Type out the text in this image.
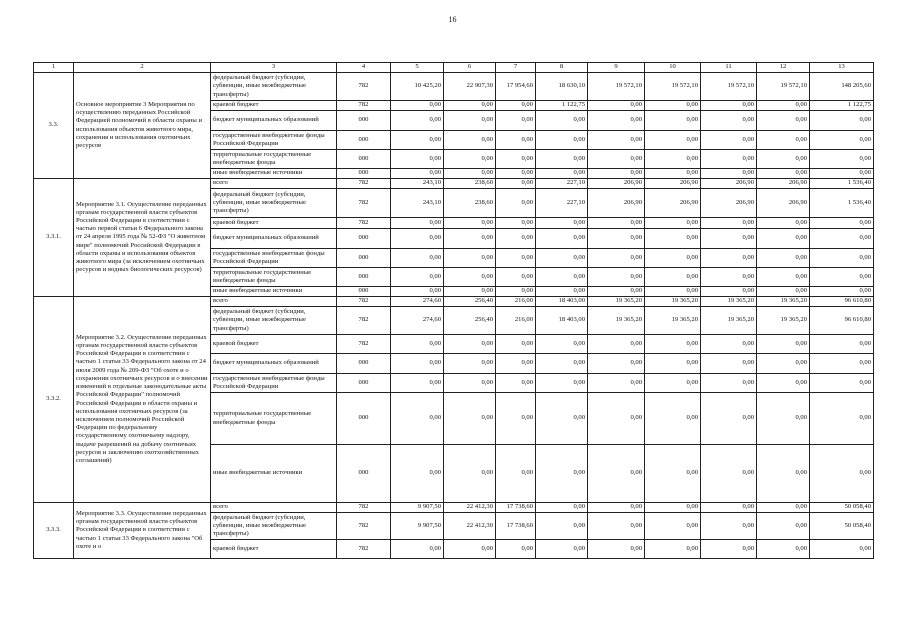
16
1	2	3	4	5	6	7	8	9	10	11	12	13
3.3.	Основное мероприятие 3 Мероприятия по осуществлению переданных Российской Федерацией полномочий в области охраны и использования объектов животного мира, сохранения и использования охотничьих ресурсов	федеральный бюджет (субсидии, субвенции, иные межбюджетные трансферты)	782	10 425,20	22 907,30	17 954,60	18 630,10	19 572,10	19 572,10	19 572,10	19 572,10	148 205,60
		краевой бюджет	782	0,00	0,00	0,00	1 122,75	0,00	0,00	0,00	0,00	1 122,75
		бюджет муниципальных образований	000	0,00	0,00	0,00	0,00	0,00	0,00	0,00	0,00	0,00
		государственные внебюджетные фонды Российской Федерации	000	0,00	0,00	0,00	0,00	0,00	0,00	0,00	0,00	0,00
		территориальные государственные внебюджетные фонды	000	0,00	0,00	0,00	0,00	0,00	0,00	0,00	0,00	0,00
		иные внебюджетные источники	000	0,00	0,00	0,00	0,00	0,00	0,00	0,00	0,00	0,00
3.3.1.	Мероприятие 3.1. Осуществление переданных органам государственной власти субъектов Российской Федерации в соответствии с частью первой статьи 6 Федерального закона от 24 апреля 1995 года № 52-ФЗ "О животном мире" полномочий Российской Федерации в области охраны и использования объектов животного мира (за исключением охотничьих ресурсов и водных биологических ресурсов)	всего	782	243,10	238,60	0,00	227,10	206,90	206,90	206,90	206,90	1 536,40
		федеральный бюджет (субсидии, субвенции, иные межбюджетные трансферты)	782	243,10	238,60	0,00	227,10	206,90	206,90	206,90	206,90	1 536,40
		краевой бюджет	782	0,00	0,00	0,00	0,00	0,00	0,00	0,00	0,00	0,00
		бюджет муниципальных образований	000	0,00	0,00	0,00	0,00	0,00	0,00	0,00	0,00	0,00
		государственные внебюджетные фонды Российской Федерации	000	0,00	0,00	0,00	0,00	0,00	0,00	0,00	0,00	0,00
		территориальные государственные внебюджетные фонды	000	0,00	0,00	0,00	0,00	0,00	0,00	0,00	0,00	0,00
		иные внебюджетные источники	000	0,00	0,00	0,00	0,00	0,00	0,00	0,00	0,00	0,00
3.3.2.	Мероприятие 3.2. Осуществление переданных органам государственной власти субъектов Российской Федерации в соответствии с частью 1 статьи 33 Федерального закона от 24 июля 2009 года № 209-ФЗ "Об охоте и о сохранении охотничьих ресурсов и о внесении изменений в отдельные законодательные акты Российской Федерации" полномочий Российской Федерации в области охраны и использования охотничьих ресурсов (за исключением полномочий Российской Федерации по федеральному государственному охотничьему надзору, выдаче разрешений на добычу охотничьих ресурсов и заключению охотхозяйственных соглашений)	всего	782	274,60	256,40	216,00	18 403,00	19 365,20	19 365,20	19 365,20	19 365,20	96 610,80
		федеральный бюджет (субсидии, субвенции, иные межбюджетные трансферты)	782	274,60	256,40	216,00	18 403,00	19 365,20	19 365,20	19 365,20	19 365,20	96 610,80
		краевой бюджет	782	0,00	0,00	0,00	0,00	0,00	0,00	0,00	0,00	0,00
		бюджет муниципальных образований	000	0,00	0,00	0,00	0,00	0,00	0,00	0,00	0,00	0,00
		государственные внебюджетные фонды Российской Федерации	000	0,00	0,00	0,00	0,00	0,00	0,00	0,00	0,00	0,00
		территориальные государственные внебюджетные фонды	000	0,00	0,00	0,00	0,00	0,00	0,00	0,00	0,00	0,00
		иные внебюджетные источники	000	0,00	0,00	0,00	0,00	0,00	0,00	0,00	0,00	0,00
3.3.3.	Мероприятие 3.3. Осуществление переданных органам государственной власти субъектов Российской Федерации в соответствии с частью 1 статьи 33 Федерального закона "Об охоте и о	всего	782	9 907,50	22 412,30	17 738,60	0,00	0,00	0,00	0,00	0,00	50 058,40
		федеральный бюджет (субсидии, субвенции, иные межбюджетные трансферты)	782	9 907,50	22 412,30	17 738,60	0,00	0,00	0,00	0,00	0,00	50 058,40
		краевой бюджет	782	0,00	0,00	0,00	0,00	0,00	0,00	0,00	0,00	0,00
